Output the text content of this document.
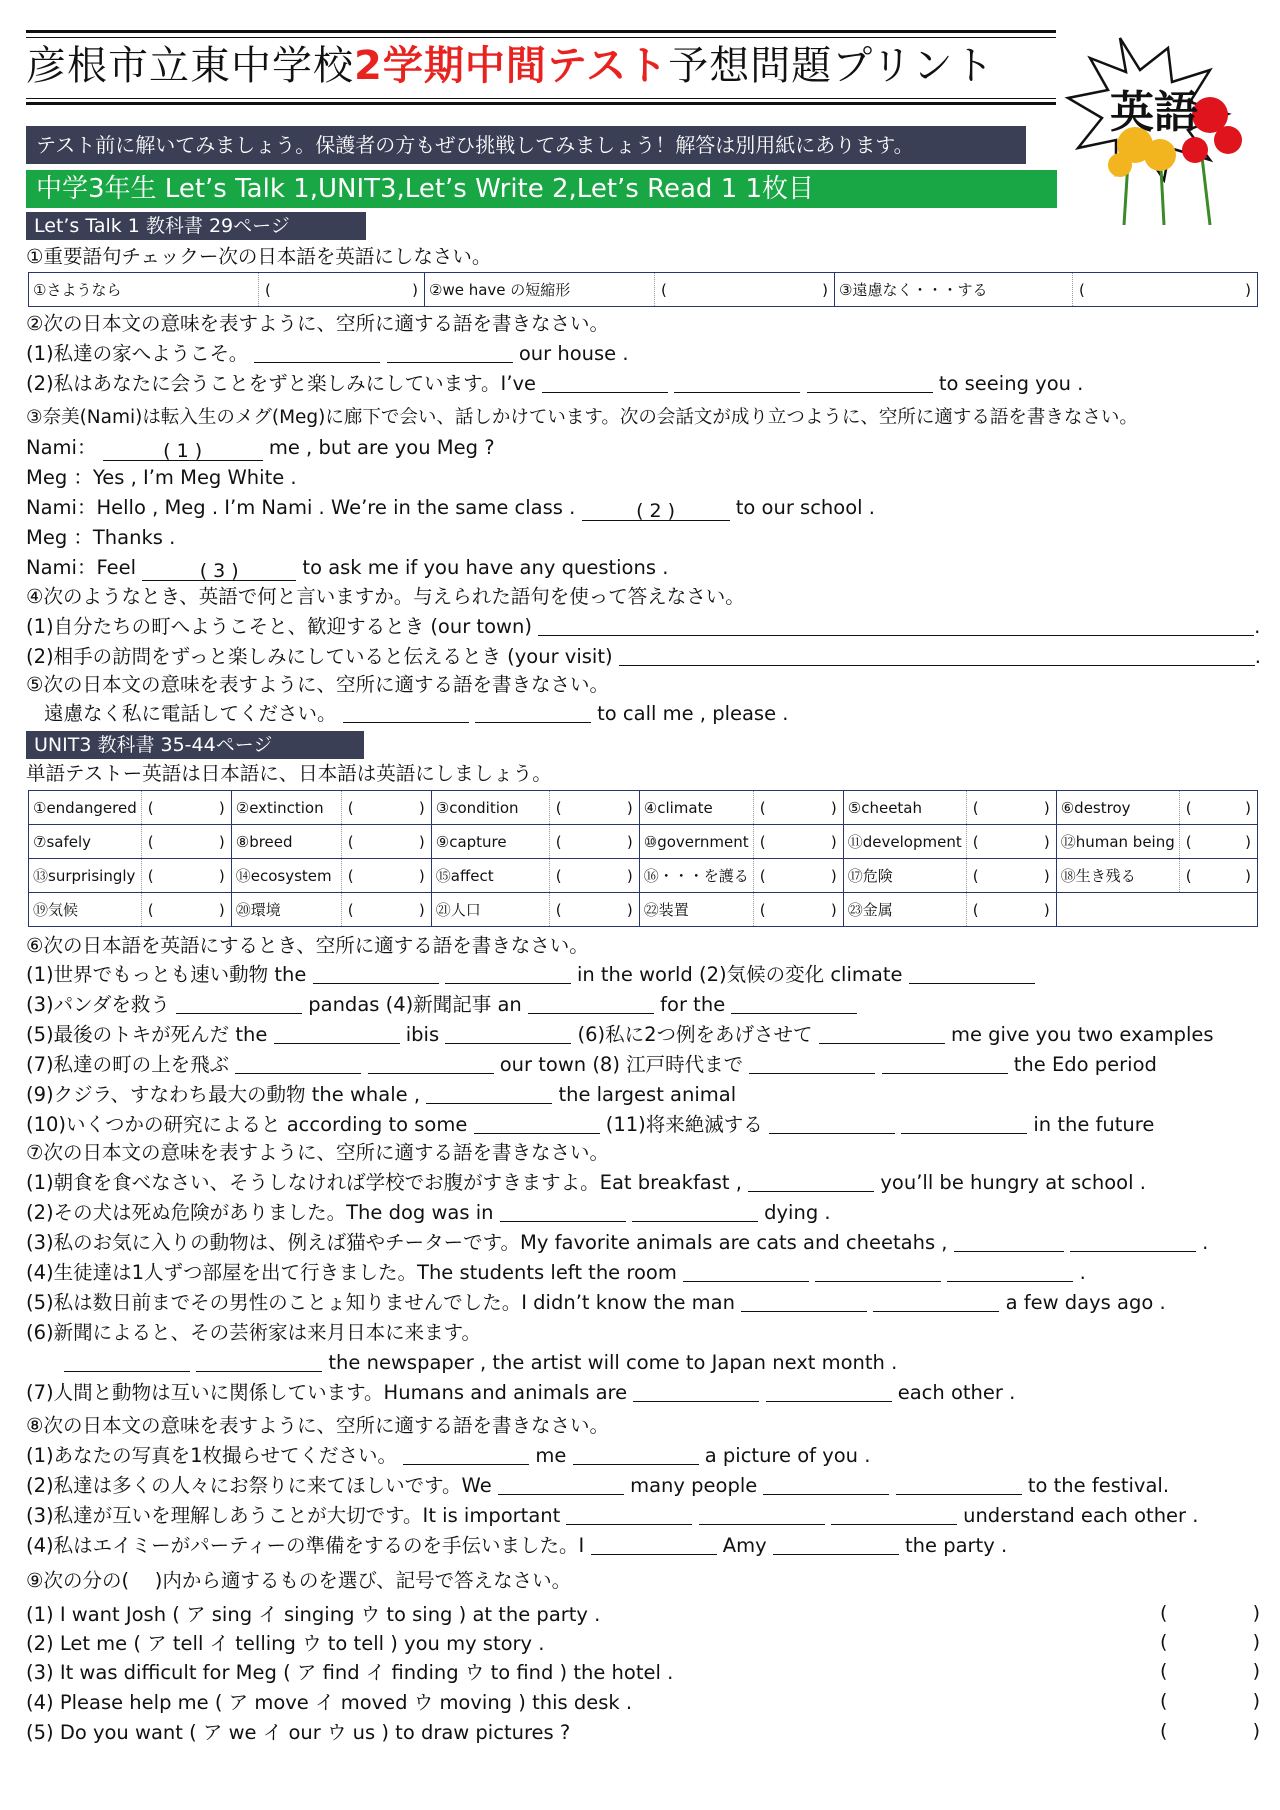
彦根市立東中学校2学期中間テスト予想問題プリント
英語
テスト前に解いてみましょう。保護者の方もぜひ挑戦してみましょう！解答は別用紙にあります。
中学3年生 Let’s Talk 1,UNIT3,Let’s Write 2,Let’s Read 1 1枚目
Let’s Talk 1 教科書 29ページ
①重要語句チェックー次の日本語を英語にしなさい。
①さようなら	(	)	②we have の短縮形	(	)	③遠慮なく・・・する	(	)
②次の日本文の意味を表すように、空所に適する語を書きなさい。
(1)私達の家へようこそ。	our house .
(2)私はあなたに会うことをずと楽しみにしています。I’ve	to seeing you .
③奈美(Nami)は転入生のメグ(Meg)に廊下で会い、話しかけています。次の会話文が成り立つように、空所に適する語を書きなさい。
Nami：	( 1 )	me , but are you Meg ?
Meg ：Yes , I’m Meg White .
Nami：Hello , Meg . I’m Nami . We’re in the same class .	( 2 )	to our school .
Meg ：Thanks .
Nami：Feel	( 3 )	to ask me if you have any questions .
④次のようなとき、英語で何と言いますか。与えられた語句を使って答えなさい。
(1)自分たちの町へようこそと、歓迎するとき (our town)	.
(2)相手の訪問をずっと楽しみにしていると伝えるとき (your visit)	.
⑤次の日本文の意味を表すように、空所に適する語を書きなさい。
遠慮なく私に電話してください。	to call me , please .
UNIT3 教科書 35-44ページ
単語テストー英語は日本語に、日本語は英語にしましょう。
①endangered	( )	②extinction	( )	③condition	( )	④climate	( )	⑤cheetah	( )	⑥destroy	( )

⑦safely	( )	⑧breed	( )	⑨capture	( )	⑩government	( )	⑪development	( )	⑫human being	( )

⑬surprisingly	( )	⑭ecosystem	( )	⑮affect	( )	⑯・・・を護る	( )	⑰危険	( )	⑱生き残る	( )

⑲気候	( )	⑳環境	( )	㉑人口	( )	㉒装置	( )	㉓金属	( )		

⑥次の日本語を英語にするとき、空所に適する語を書きなさい。
(1)世界でもっとも速い動物 the	in the world (2)気候の変化 climate
(3)パンダを救う	pandas (4)新聞記事 an	for the
(5)最後のトキが死んだ the	ibis	(6)私に2つ例をあげさせて	me give you two examples
(7)私達の町の上を飛ぶ	our town (8) 江戸時代まで	the Edo period
(9)クジラ、すなわち最大の動物 the whale ,	the largest animal
(10)いくつかの研究によると according to some	(11)将来絶滅する	in the future
⑦次の日本文の意味を表すように、空所に適する語を書きなさい。
(1)朝食を食べなさい、そうしなければ学校でお腹がすきますよ。Eat breakfast ,	you’ll be hungry at school .
(2)その犬は死ぬ危険がありました。The dog was in	dying .
(3)私のお気に入りの動物は、例えば猫やチーターです。My favorite animals are cats and cheetahs ,	.
(4)生徒達は1人ずつ部屋を出て行きました。The students left the room	.
(5)私は数日前までその男性のことょ知りませんでした。I didn’t know the man	a few days ago .
(6)新聞によると、その芸術家は来月日本に来ます。
the newspaper , the artist will come to Japan next month .
(7)人間と動物は互いに関係しています。Humans and animals are	each other .
⑧次の日本文の意味を表すように、空所に適する語を書きなさい。
(1)あなたの写真を1枚撮らせてください。	me	a picture of you .
(2)私達は多くの人々にお祭りに来てほしいです。We	many people	to the festival.
(3)私達が互いを理解しあうことが大切です。It is important	understand each other .
(4)私はエイミーがパーティーの準備をするのを手伝いました。I	Amy	the party .
⑨次の分の(　 )内から適するものを選び、記号で答えなさい。
(1) I want Josh ( ア sing イ singing ウ to sing ) at the party .	(	)
(2) Let me ( ア tell イ telling ウ to tell ) you my story .	(	)
(3) It was difficult for Meg ( ア find イ finding ウ to find ) the hotel .	(	)
(4) Please help me ( ア move イ moved ウ moving ) this desk .	(	)
(5) Do you want ( ア we イ our ウ us ) to draw pictures ?	(	)
